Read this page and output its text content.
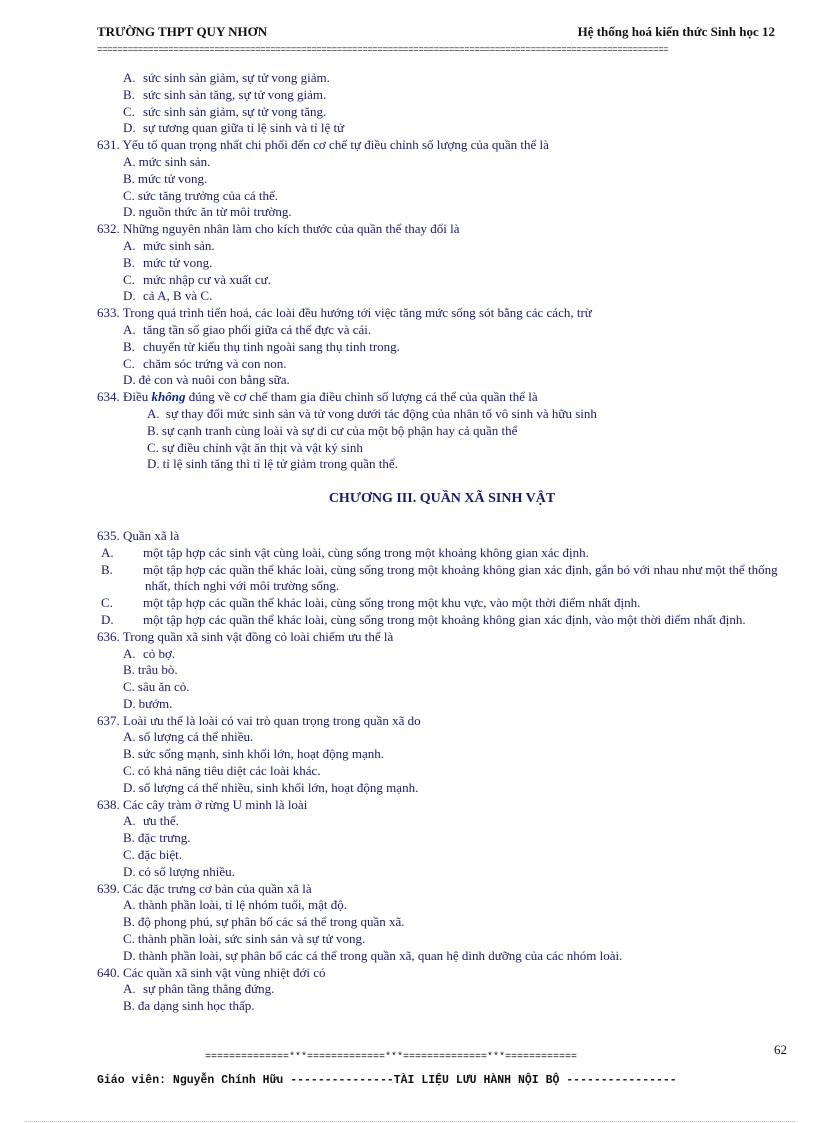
TRƯỜNG THPT QUY NHƠN	Hệ thống hoá kiến thức Sinh học 12
================================================================================================================

A. sức sinh sản giảm, sự tử vong giảm.

B. sức sinh sản tăng, sự tử vong giảm.

C. sức sinh sản giảm, sự tử vong tăng.

D. sự tương quan giữa tỉ lệ sinh và tỉ lệ tử

631. Yếu tố quan trọng nhất chi phối đến cơ chế tự điều chỉnh số lượng của quần thể là

A. mức sinh sản.

B. mức tử vong.

C. sức tăng trưởng của cá thể.

D. nguồn thức ăn từ môi trường.

632. Những nguyên nhân làm cho kích thước của quần thể thay đổi là

A. mức sinh sản.

B. mức tử vong.

C. mức nhập cư và xuất cư.

D. cả A, B và C.

633. Trong quá trình tiến hoá, các loài đều hướng tới việc tăng mức sống sót bằng các cách, trừ

A. tăng tần số giao phối giữa cá thể đực và cái.

B. chuyển từ kiểu thụ tinh ngoài sang thụ tinh trong.

C. chăm sóc trứng và con non.

D. đẻ con và nuôi con bằng sữa.

634. Điều không đúng về cơ chế tham gia điều chỉnh số lượng cá thể của quần thể là

A. sự thay đổi mức sinh sản và tử vong dưới tác động của nhân tố vô sinh và hữu sinh

B. sự cạnh tranh cùng loài và sự di cư của một bộ phận hay cả quần thể

C. sự điều chỉnh vật ăn thịt và vật ký sinh

D. tỉ lệ sinh tăng thì tỉ lệ tử giảm trong quần thể.

CHƯƠNG III. QUẦN XÃ SINH VẬT

635. Quần xã là

A. một tập hợp các sinh vật cùng loài, cùng sống trong một khoảng không gian xác định.

B. một tập hợp các quần thể khác loài, cùng sống trong một khoảng không gian xác định, gắn bó với nhau như một thể thống nhất, thích nghi với môi trường sống.

C. một tập hợp các quần thể khác loài, cùng sống trong một khu vực, vào một thời điểm nhất định.

D. một tập hợp các quần thể khác loài, cùng sống trong một khoảng không gian xác định, vào một thời điểm nhất định.

636. Trong quần xã sinh vật đồng cỏ loài chiếm ưu thế là

A. cỏ bợ.

B. trâu bò.

C. sâu ăn cỏ.

D. bướm.

637. Loài ưu thế là loài có vai trò quan trọng trong quần xã do

A. số lượng cá thể nhiều.

B. sức sống mạnh, sinh khối lớn, hoạt động mạnh.

C. có khả năng tiêu diệt các loài khác.

D. số lượng cá thể nhiều, sinh khối lớn, hoạt động mạnh.

638. Các cây tràm ở rừng U minh là loài

A. ưu thế.

B. đặc trưng.

C. đặc biệt.

D. có số lượng nhiều.

639. Các đặc trưng cơ bản của quần xã là

A. thành phần loài, tỉ lệ nhóm tuổi, mật độ.

B. độ phong phú, sự phân bố các sá thể trong quần xã.

C. thành phần loài, sức sinh sản và sự tử vong.

D. thành phần loài, sự phân bố các cá thể trong quần xã, quan hệ dinh dưỡng của các nhóm loài.

640. Các quần xã sinh vật vùng nhiệt đới có

A. sự phân tầng thẳng đứng.

B. đa dạng sinh học thấp.

62
==============***=============***==============***============
Giáo viên: Nguyễn Chính Hữu ---------------TÀI LIỆU LƯU HÀNH NỘI BỘ ----------------
